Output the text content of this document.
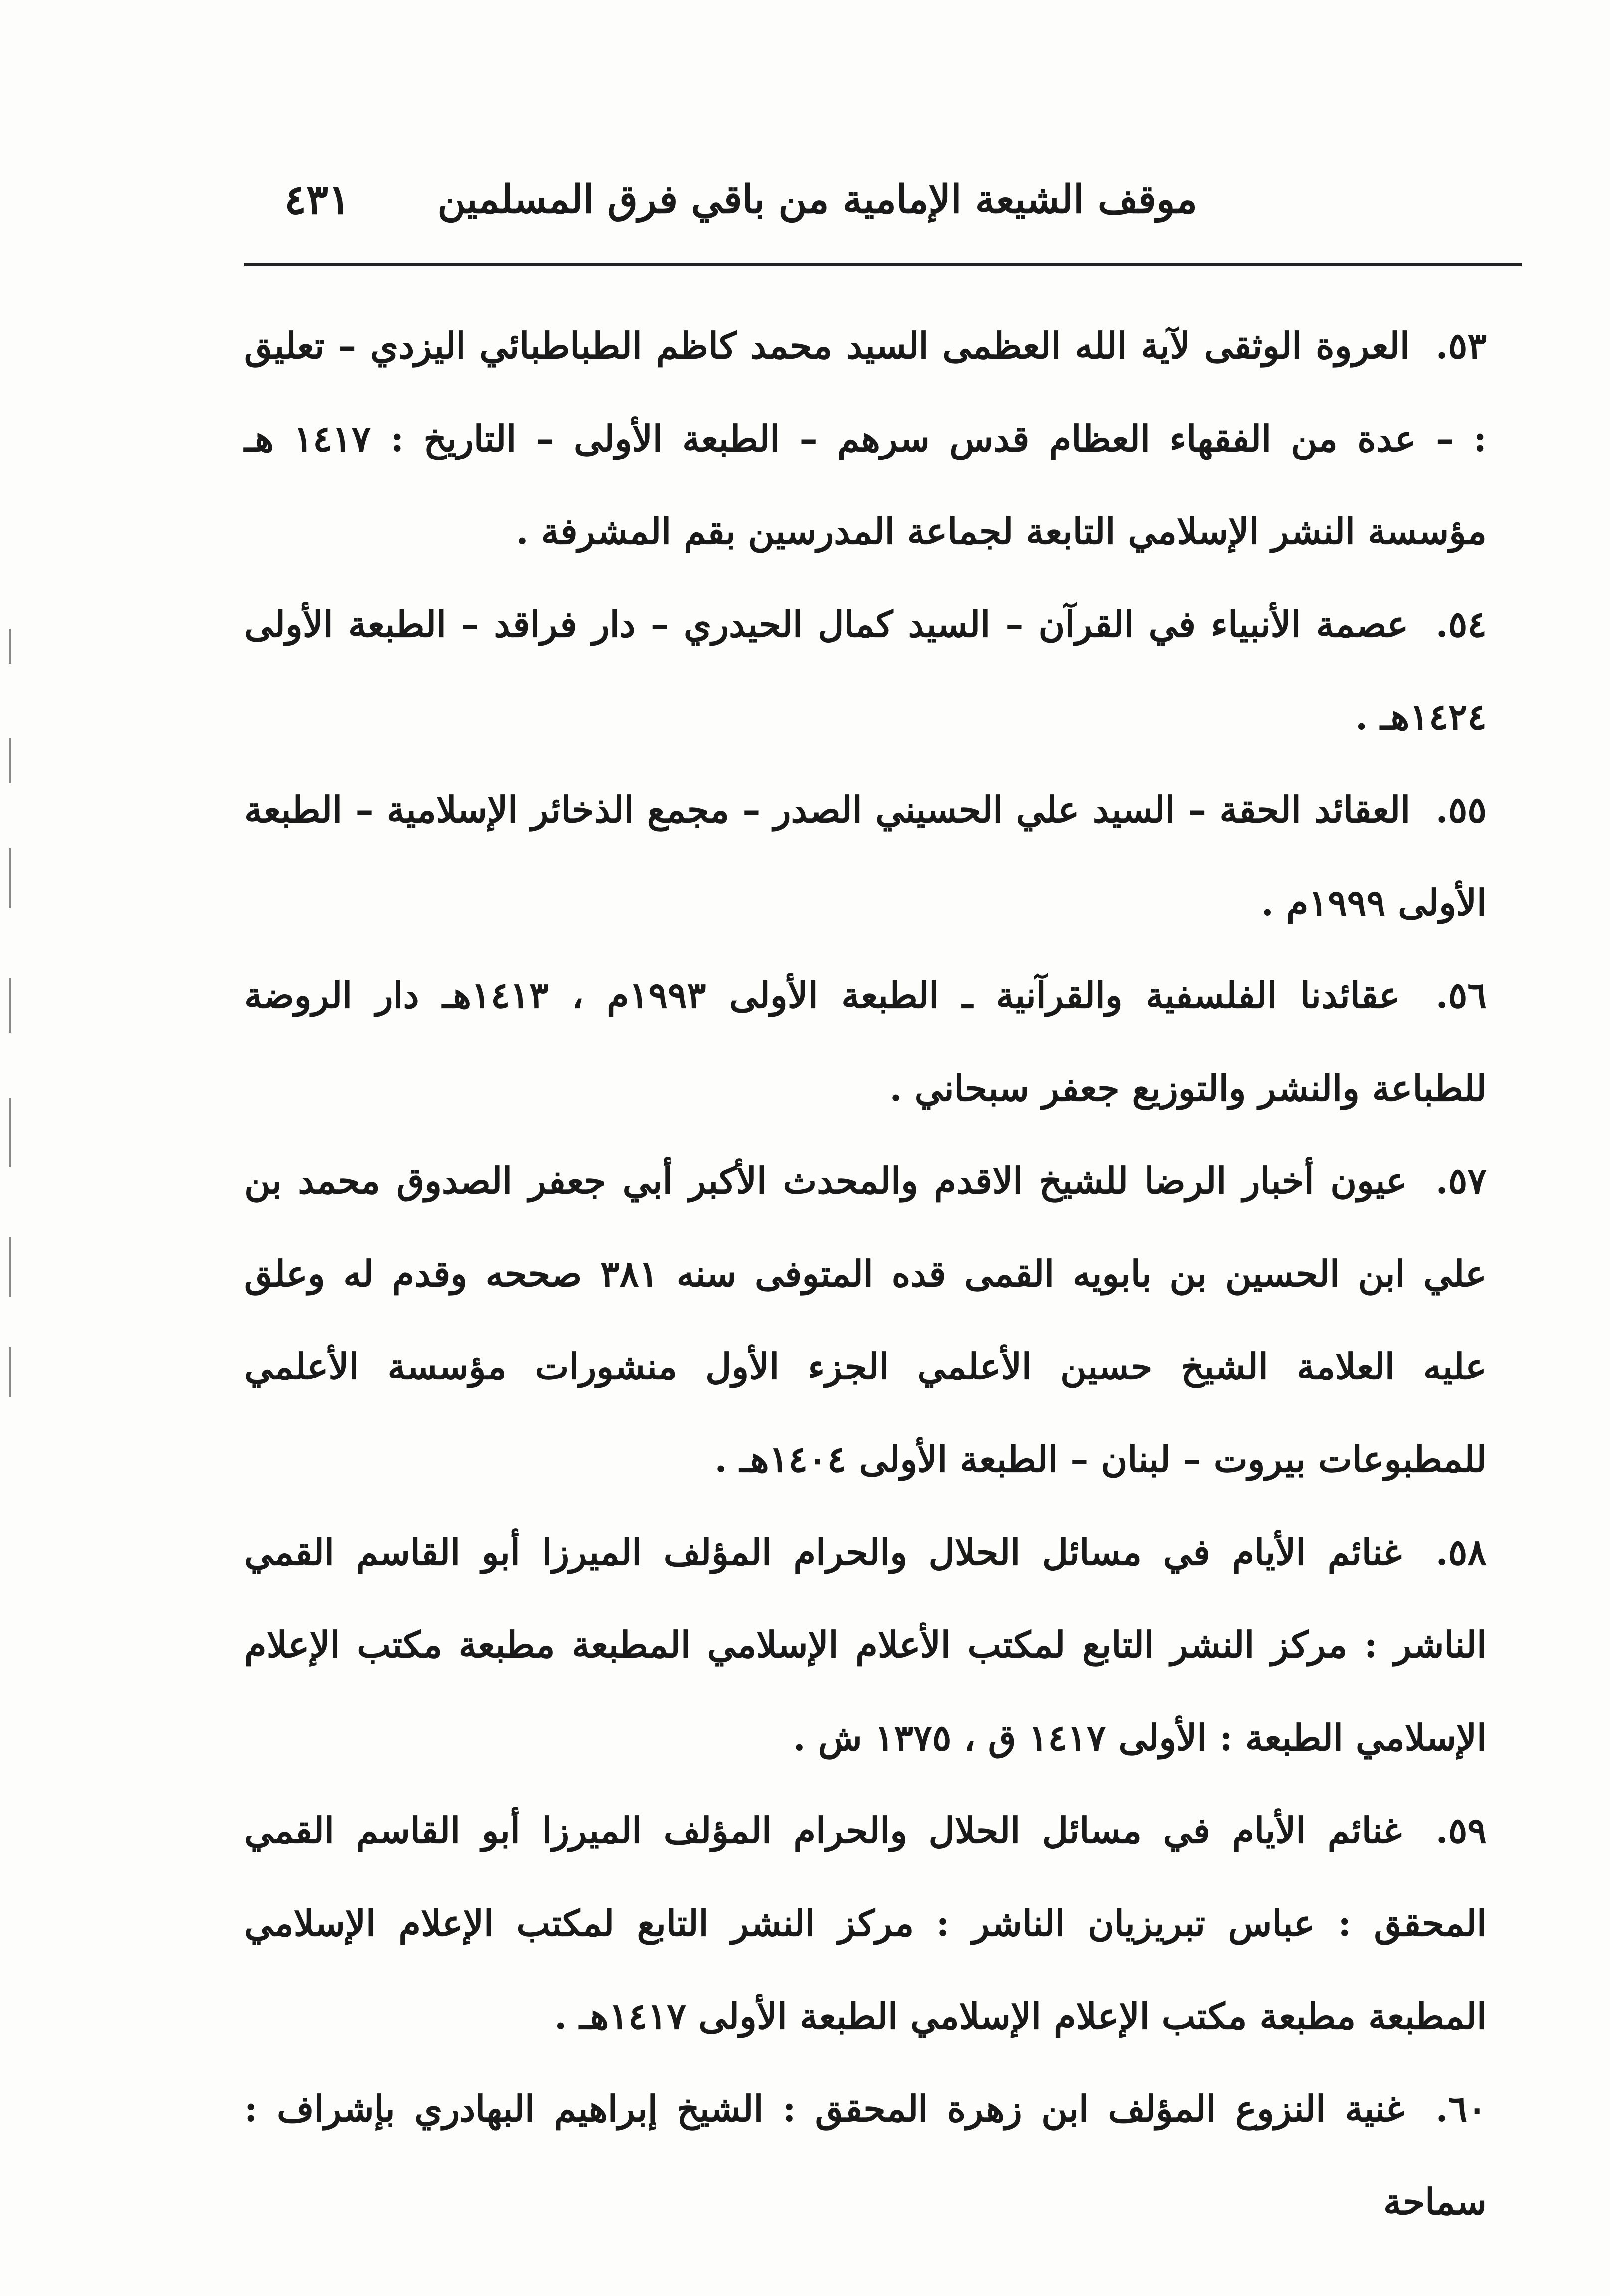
موقف الشيعة الإمامية من باقي فرق المسلمين
٤٣١

٥٣. العروة الوثقى لآية الله العظمى السيد محمد كاظم الطباطبائي اليزدي – تعليق : – عدة من الفقهاء العظام قدس سرهم – الطبعة الأولى – التاريخ : ١٤١٧ هـ مؤسسة النشر الإسلامي التابعة لجماعة المدرسين بقم المشرفة .

٥٤. عصمة الأنبياء في القرآن – السيد كمال الحيدري – دار فراقد – الطبعة الأولى ١٤٢٤هـ .

٥٥. العقائد الحقة – السيد علي الحسيني الصدر – مجمع الذخائر الإسلامية – الطبعة الأولى ١٩٩٩م .

٥٦. عقائدنا الفلسفية والقرآنية ـ الطبعة الأولى ١٩٩٣م ، ١٤١٣هـ دار الروضة للطباعة والنشر والتوزيع جعفر سبحاني .

٥٧. عيون أخبار الرضا للشيخ الاقدم والمحدث الأكبر أبي جعفر الصدوق محمد بن علي ابن الحسين بن بابويه القمى قده المتوفى سنه ٣٨١ صححه وقدم له وعلق عليه العلامة الشيخ حسين الأعلمي الجزء الأول منشورات مؤسسة الأعلمي للمطبوعات بيروت – لبنان – الطبعة الأولى ١٤٠٤هـ .

٥٨. غنائم الأيام في مسائل الحلال والحرام المؤلف الميرزا أبو القاسم القمي الناشر : مركز النشر التابع لمكتب الأعلام الإسلامي المطبعة مطبعة مكتب الإعلام الإسلامي الطبعة : الأولى ١٤١٧ ق ، ١٣٧٥ ش .

٥٩. غنائم الأيام في مسائل الحلال والحرام المؤلف الميرزا أبو القاسم القمي المحقق : عباس تبريزيان الناشر : مركز النشر التابع لمكتب الإعلام الإسلامي المطبعة مطبعة مكتب الإعلام الإسلامي الطبعة الأولى ١٤١٧هـ .

٦٠. غنية النزوع المؤلف ابن زهرة المحقق : الشيخ إبراهيم البهادري بإشراف : سماحة
